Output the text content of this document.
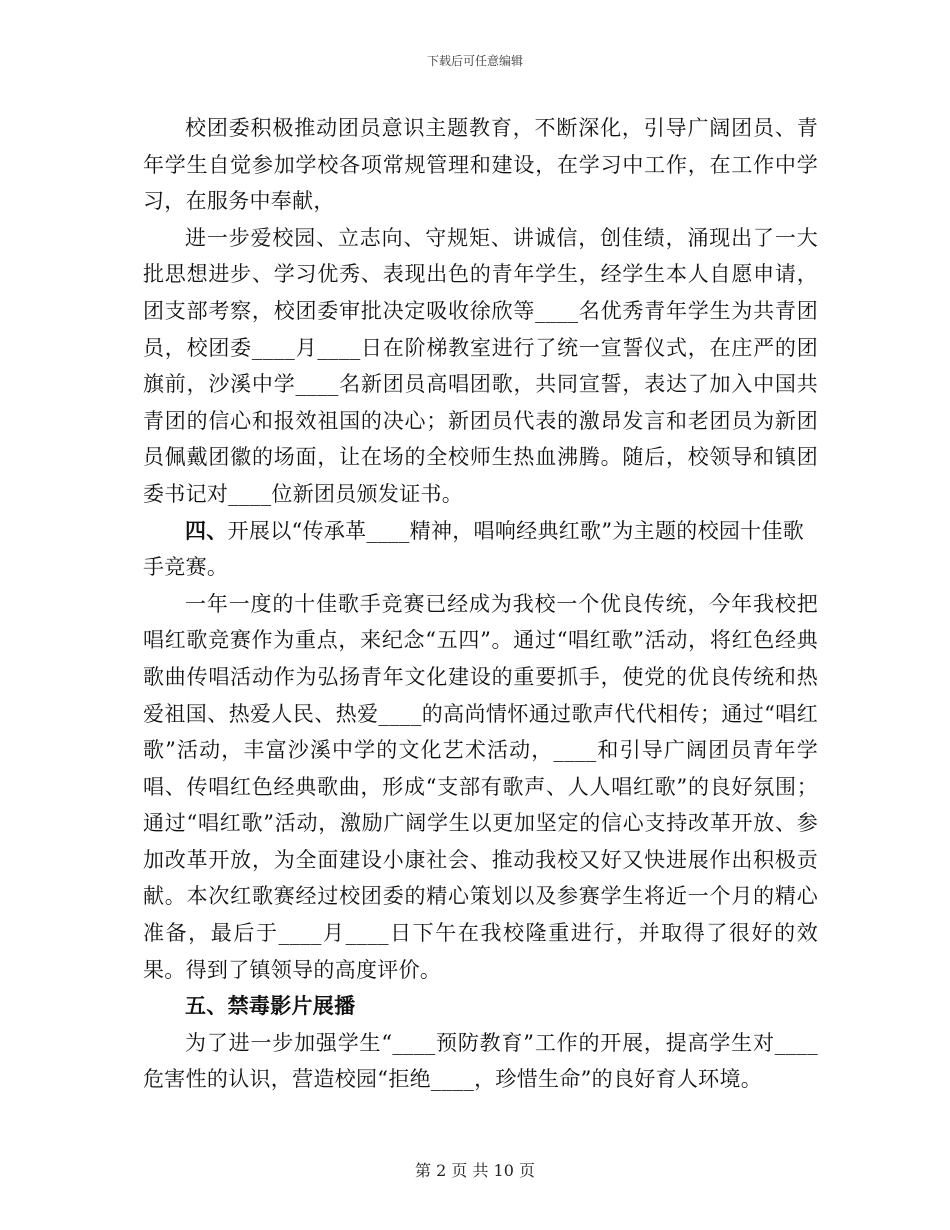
下载后可任意编辑

校团委积极推动团员意识主题教育，不断深化，引导广阔团员、青年学生自觉参加学校各项常规管理和建设，在学习中工作，在工作中学习，在服务中奉献，

进一步爱校园、立志向、守规矩、讲诚信，创佳绩，涌现出了一大批思想进步、学习优秀、表现出色的青年学生，经学生本人自愿申请，团支部考察，校团委审批决定吸收徐欣等____名优秀青年学生为共青团员，校团委____月____日在阶梯教室进行了统一宣誓仪式，在庄严的团旗前，沙溪中学____名新团员高唱团歌，共同宣誓，表达了加入中国共青团的信心和报效祖国的决心；新团员代表的激昂发言和老团员为新团员佩戴团徽的场面，让在场的全校师生热血沸腾。随后，校领导和镇团委书记对____位新团员颁发证书。

四、开展以“传承革____精神，唱响经典红歌”为主题的校园十佳歌手竞赛。

一年一度的十佳歌手竞赛已经成为我校一个优良传统，今年我校把唱红歌竞赛作为重点，来纪念“五四”。通过“唱红歌”活动，将红色经典歌曲传唱活动作为弘扬青年文化建设的重要抓手，使党的优良传统和热爱祖国、热爱人民、热爱____的高尚情怀通过歌声代代相传；通过“唱红歌”活动，丰富沙溪中学的文化艺术活动，____和引导广阔团员青年学唱、传唱红色经典歌曲，形成“支部有歌声、人人唱红歌”的良好氛围；通过“唱红歌”活动，激励广阔学生以更加坚定的信心支持改革开放、参加改革开放，为全面建设小康社会、推动我校又好又快进展作出积极贡献。本次红歌赛经过校团委的精心策划以及参赛学生将近一个月的精心准备，最后于____月____日下午在我校隆重进行，并取得了很好的效果。得到了镇领导的高度评价。

五、禁毒影片展播

为了进一步加强学生“____预防教育”工作的开展，提高学生对____危害性的认识，营造校园“拒绝____，珍惜生命”的良好育人环境。

第 2 页 共 10 页
